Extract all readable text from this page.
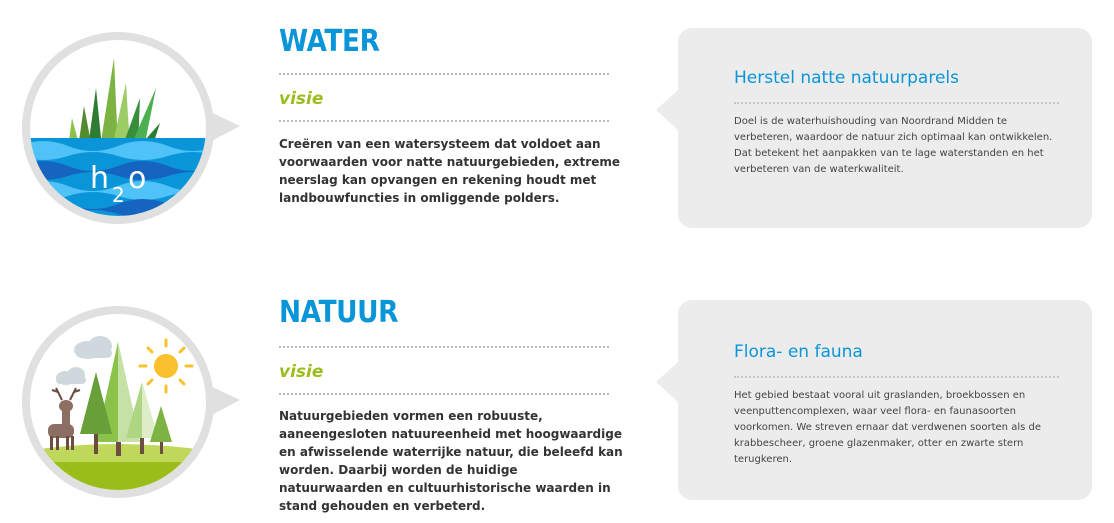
h 2 o
WATER
visie

Creëren van een watersysteem dat voldoet aan voorwaarden voor natte natuurgebieden, extreme neerslag kan opvangen en rekening houdt met landbouwfuncties in omliggende polders.

Herstel natte natuurparels

Doel is de waterhuishouding van Noordrand Midden te verbeteren, waardoor de natuur zich optimaal kan ontwikkelen. Dat betekent het aanpakken van te lage waterstanden en het verbeteren van de waterkwaliteit.

NATUUR
visie

Natuurgebieden vormen een robuuste, aaneengesloten natuureenheid met hoogwaardige en afwisselende waterrijke natuur, die beleefd kan worden. Daarbij worden de huidige natuurwaarden en cultuurhistorische waarden in stand gehouden en verbeterd.

Flora- en fauna

Het gebied bestaat vooral uit graslanden, broekbossen en veenputtencomplexen, waar veel flora- en faunasoorten voorkomen. We streven ernaar dat verdwenen soorten als de krabbescheer, groene glazenmaker, otter en zwarte stern terugkeren.
